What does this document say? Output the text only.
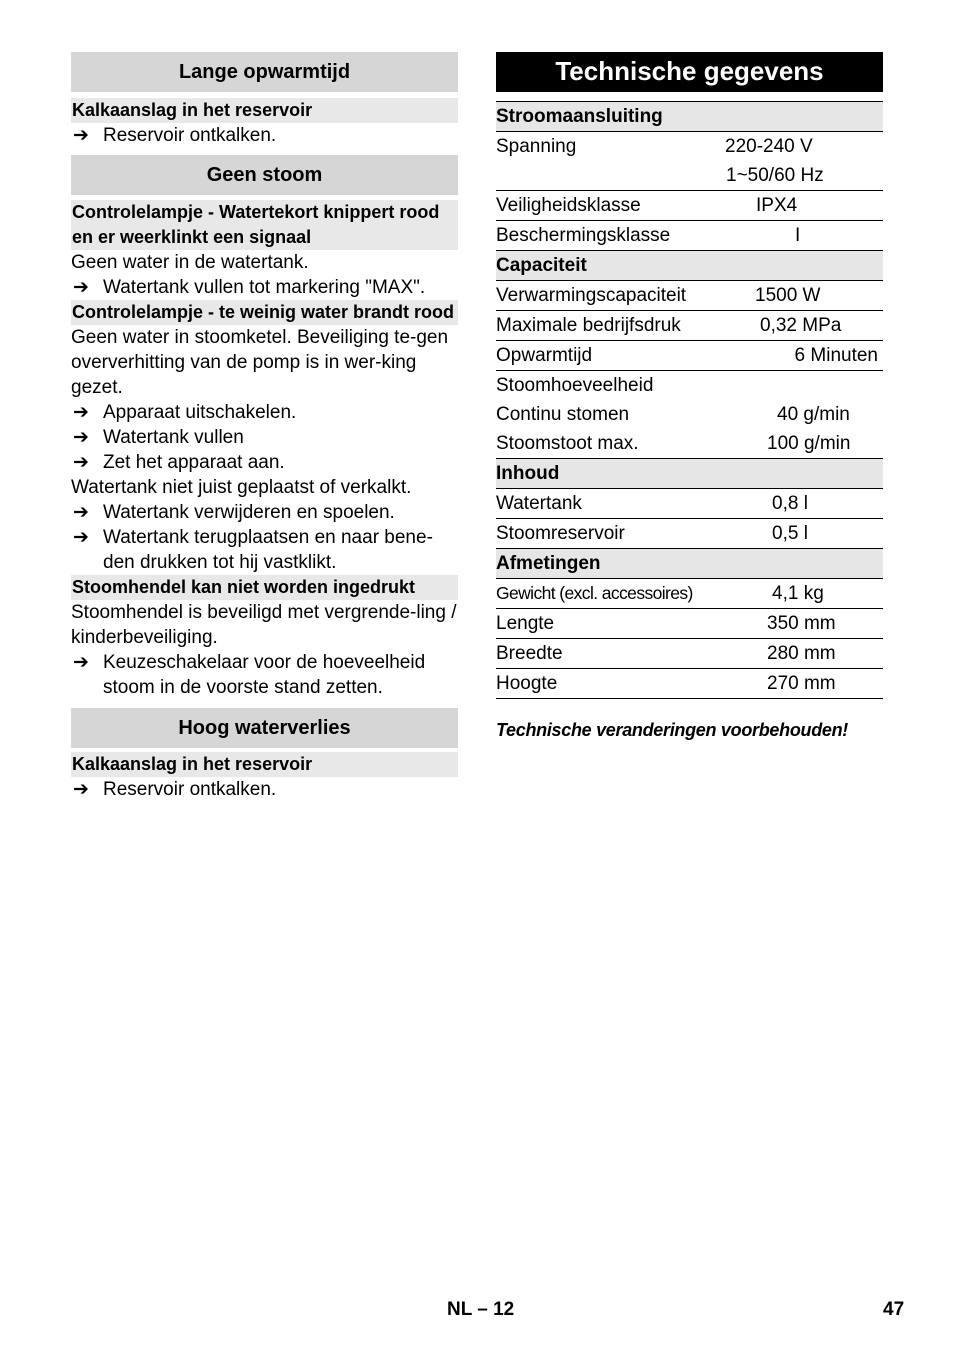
Lange opwarmtijd
Kalkaanslag in het reservoir
➔ Reservoir ontkalken.
Geen stoom
Controlelampje - Watertekort knippert rood en er weerklinkt een signaal
Geen water in de watertank.
➔ Watertank vullen tot markering "MAX".
Controlelampje - te weinig water brandt rood
Geen water in stoomketel. Beveiliging te-gen oververhitting van de pomp is in wer-king gezet.
➔ Apparaat uitschakelen.
➔ Watertank vullen
➔ Zet het apparaat aan.
Watertank niet juist geplaatst of verkalkt.
➔ Watertank verwijderen en spoelen.
➔ Watertank terugplaatsen en naar bene-den drukken tot hij vastklikt.
Stoomhendel kan niet worden ingedrukt
Stoomhendel is beveiligd met vergrende-ling / kinderbeveiliging.
➔ Keuzeschakelaar voor de hoeveelheid stoom in de voorste stand zetten.
Hoog waterverlies
Kalkaanslag in het reservoir
➔ Reservoir ontkalken.
Technische gegevens
Stroomaansluiting
Spanning	220-240 V
1~50/60 Hz
Veiligheidsklasse	IPX4
Beschermingsklasse	I
Capaciteit
Verwarmingscapaciteit	1500 W
Maximale bedrijfsdruk	0,32 MPa
Opwarmtijd	6 Minuten
Stoomhoeveelheid
Continu stomen	40 g/min
Stoomstoot max.	100 g/min
Inhoud
Watertank	0,8 l
Stoomreservoir	0,5 l
Afmetingen
Gewicht (excl. accessoires)	4,1 kg
Lengte	350 mm
Breedte	280 mm
Hoogte	270 mm
Technische veranderingen voorbehouden!
NL – 12	47
